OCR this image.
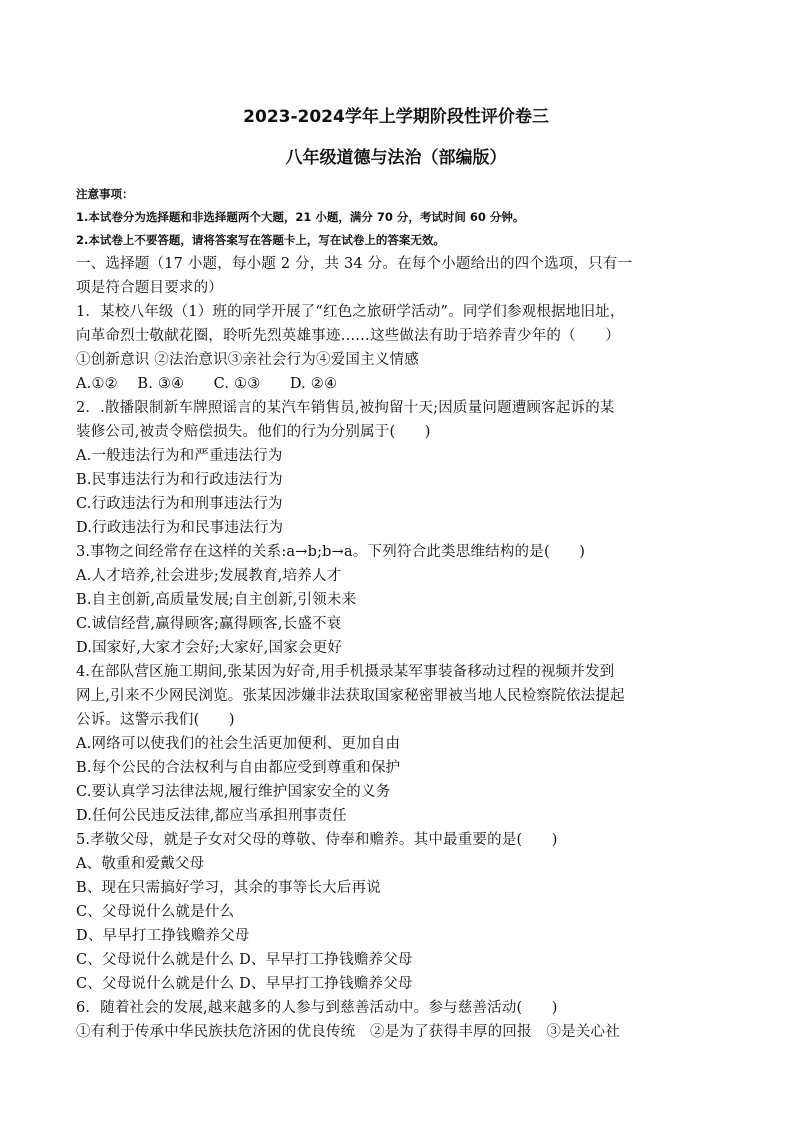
2023-2024学年上学期阶段性评价卷三

八年级道德与法治（部编版）

注意事项：

1.本试卷分为选择题和非选择题两个大题，21 小题，满分 70 分，考试时间 60 分钟。

2.本试卷上不要答题，请将答案写在答题卡上，写在试卷上的答案无效。

一、选择题（17 小题，每小题 2 分，共 34 分。在每个小题给出的四个选项，只有一

项是符合题目要求的）

1．某校八年级（1）班的同学开展了“红色之旅研学活动”。同学们参观根据地旧址，

向革命烈士敬献花圈，聆听先烈英雄事迹……这些做法有助于培养青少年的（　　）

①创新意识 ②法治意识③亲社会行为④爱国主义情感

A.①②　 B. ③④　　C. ①③　　D. ②④

2．.散播限制新车牌照谣言的某汽车销售员,被拘留十天;因质量问题遭顾客起诉的某

装修公司,被责令赔偿损失。他们的行为分别属于(　　)

A.一般违法行为和严重违法行为

B.民事违法行为和行政违法行为

C.行政违法行为和刑事违法行为

D.行政违法行为和民事违法行为

3.事物之间经常存在这样的关系:a→b;b→a。下列符合此类思维结构的是(　　)

A.人才培养,社会进步;发展教育,培养人才

B.自主创新,高质量发展;自主创新,引领未来

C.诚信经营,赢得顾客;赢得顾客,长盛不衰

D.国家好,大家才会好;大家好,国家会更好

4.在部队营区施工期间,张某因为好奇,用手机摄录某军事装备移动过程的视频并发到

网上,引来不少网民浏览。张某因涉嫌非法获取国家秘密罪被当地人民检察院依法提起

公诉。这警示我们(　　)

A.网络可以使我们的社会生活更加便利、更加自由

B.每个公民的合法权利与自由都应受到尊重和保护

C.要认真学习法律法规,履行维护国家安全的义务

D.任何公民违反法律,都应当承担刑事责任

5.孝敬父母，就是子女对父母的尊敬、侍奉和赡养。其中最重要的是(　　)

A、敬重和爱戴父母

B、现在只需搞好学习，其余的事等长大后再说

C、父母说什么就是什么

D、早早打工挣钱赡养父母

C、父母说什么就是什么 D、早早打工挣钱赡养父母

C、父母说什么就是什么 D、早早打工挣钱赡养父母

6．随着社会的发展,越来越多的人参与到慈善活动中。参与慈善活动(　　)

①有利于传承中华民族扶危济困的优良传统　②是为了获得丰厚的回报　③是关心社
